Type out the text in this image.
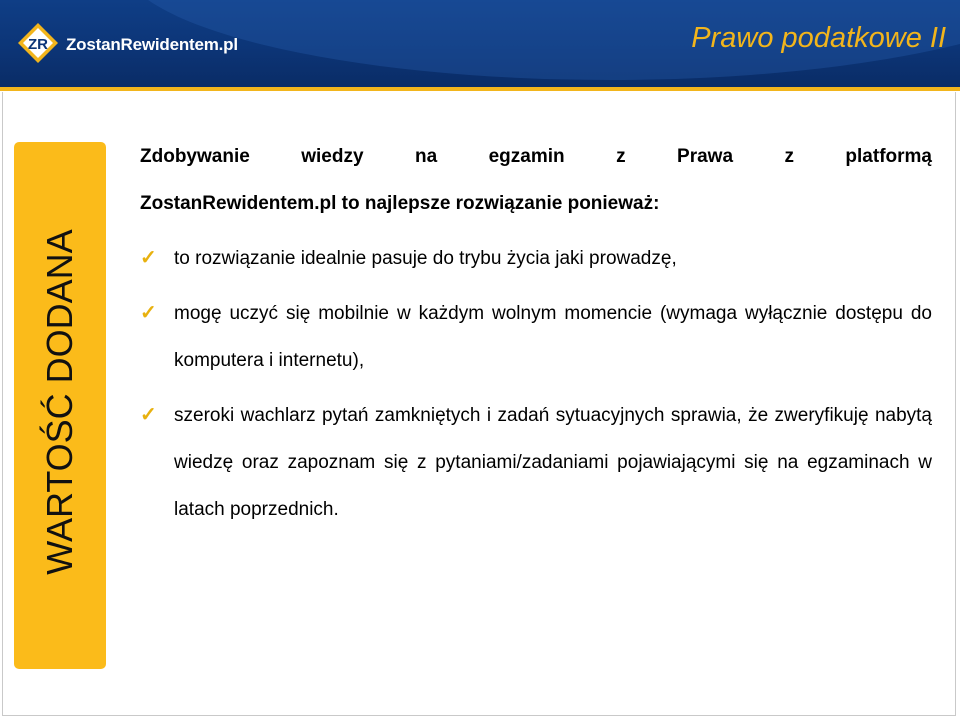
ZR ZostanRewidentem.pl	Prawo podatkowe II
WARTOŚĆ DODANA
Zdobywanie wiedzy na egzamin z Prawa z platformą
ZostanRewidentem.pl to najlepsze rozwiązanie ponieważ:
✓ to rozwiązanie idealnie pasuje do trybu życia jaki prowadzę,
✓ mogę uczyć się mobilnie w każdym wolnym momencie (wymaga wyłącznie dostępu do komputera i internetu),
✓ szeroki wachlarz pytań zamkniętych i zadań sytuacyjnych sprawia, że zweryfikuję nabytą wiedzę oraz zapoznam się z pytaniami/zadaniami pojawiającymi się na egzaminach w latach poprzednich.
